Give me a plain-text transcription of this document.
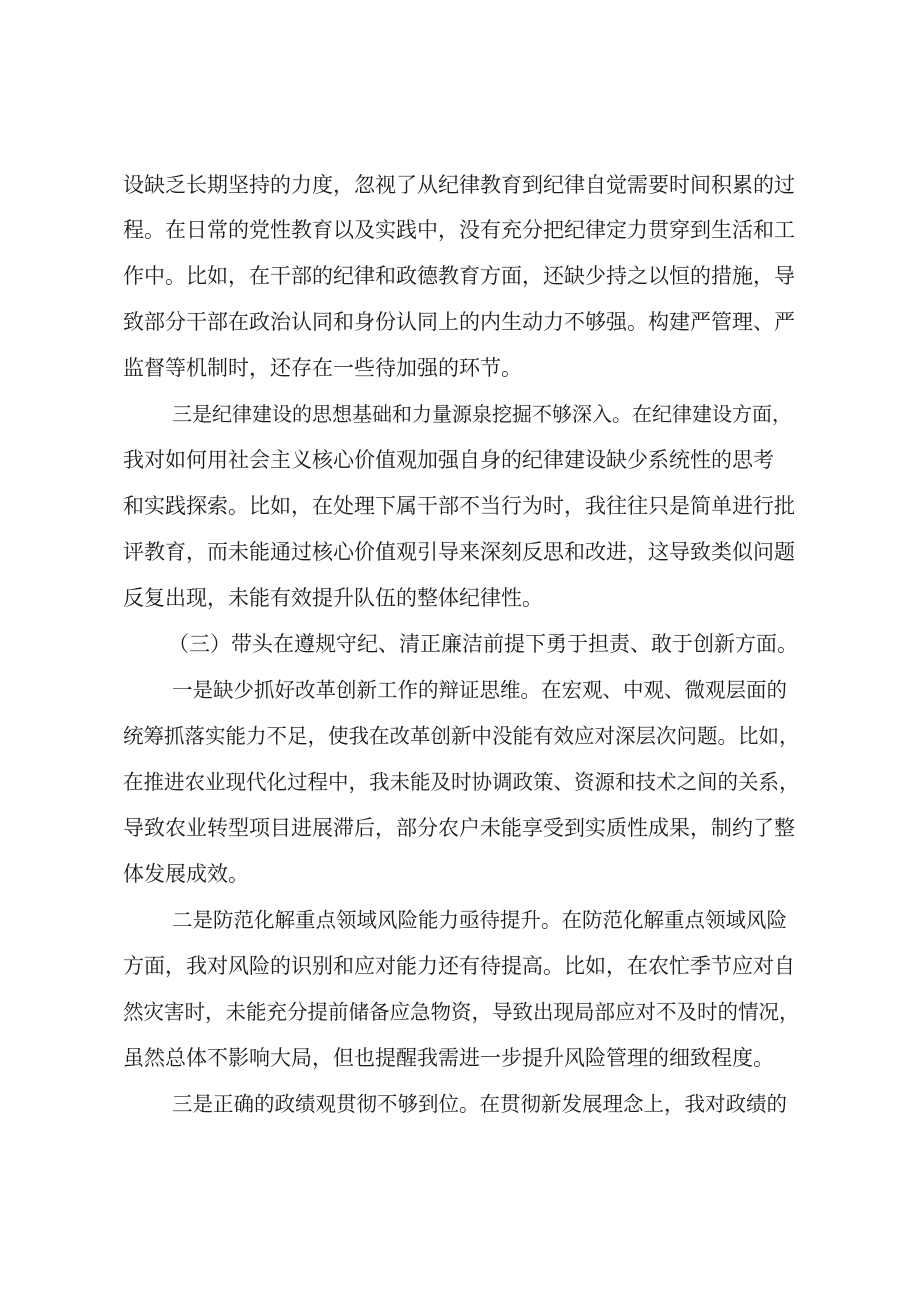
设缺乏长期坚持的力度，忽视了从纪律教育到纪律自觉需要时间积累的过
程。在日常的党性教育以及实践中，没有充分把纪律定力贯穿到生活和工
作中。比如，在干部的纪律和政德教育方面，还缺少持之以恒的措施，导
致部分干部在政治认同和身份认同上的内生动力不够强。构建严管理、严
监督等机制时，还存在一些待加强的环节。
三是纪律建设的思想基础和力量源泉挖掘不够深入。在纪律建设方面，
我对如何用社会主义核心价值观加强自身的纪律建设缺少系统性的思考
和实践探索。比如，在处理下属干部不当行为时，我往往只是简单进行批
评教育，而未能通过核心价值观引导来深刻反思和改进，这导致类似问题
反复出现，未能有效提升队伍的整体纪律性。
（三）带头在遵规守纪、清正廉洁前提下勇于担责、敢于创新方面。
一是缺少抓好改革创新工作的辩证思维。在宏观、中观、微观层面的
统筹抓落实能力不足，使我在改革创新中没能有效应对深层次问题。比如，
在推进农业现代化过程中，我未能及时协调政策、资源和技术之间的关系，
导致农业转型项目进展滞后，部分农户未能享受到实质性成果，制约了整
体发展成效。
二是防范化解重点领域风险能力亟待提升。在防范化解重点领域风险
方面，我对风险的识别和应对能力还有待提高。比如，在农忙季节应对自
然灾害时，未能充分提前储备应急物资，导致出现局部应对不及时的情况，
虽然总体不影响大局，但也提醒我需进一步提升风险管理的细致程度。
三是正确的政绩观贯彻不够到位。在贯彻新发展理念上，我对政绩的
